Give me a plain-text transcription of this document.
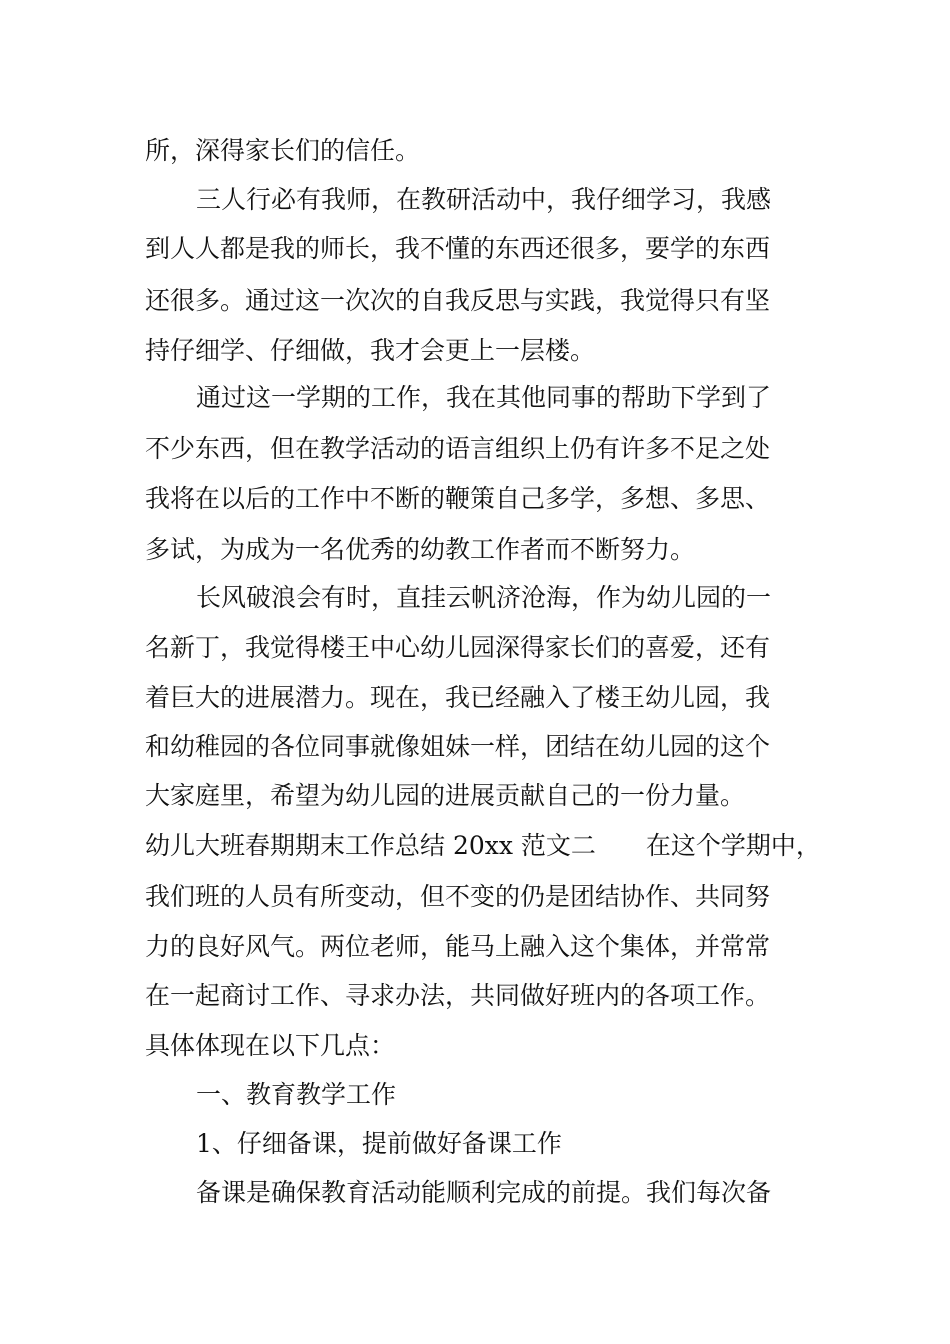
所，深得家长们的信任。
三人行必有我师，在教研活动中，我仔细学习，我感
到人人都是我的师长，我不懂的东西还很多，要学的东西
还很多。通过这一次次的自我反思与实践，我觉得只有坚
持仔细学、仔细做，我才会更上一层楼。
通过这一学期的工作，我在其他同事的帮助下学到了
不少东西，但在教学活动的语言组织上仍有许多不足之处
我将在以后的工作中不断的鞭策自己多学，多想、多思、
多试，为成为一名优秀的幼教工作者而不断努力。
长风破浪会有时，直挂云帆济沧海，作为幼儿园的一
名新丁，我觉得楼王中心幼儿园深得家长们的喜爱，还有
着巨大的进展潜力。现在，我已经融入了楼王幼儿园，我
和幼稚园的各位同事就像姐妹一样，团结在幼儿园的这个
大家庭里，希望为幼儿园的进展贡献自己的一份力量。
幼儿大班春期期末工作总结 20xx 范文二　　在这个学期中，
我们班的人员有所变动，但不变的仍是团结协作、共同努
力的良好风气。两位老师，能马上融入这个集体，并常常
在一起商讨工作、寻求办法，共同做好班内的各项工作。
具体体现在以下几点：
一、教育教学工作
1、仔细备课，提前做好备课工作
备课是确保教育活动能顺利完成的前提。我们每次备
